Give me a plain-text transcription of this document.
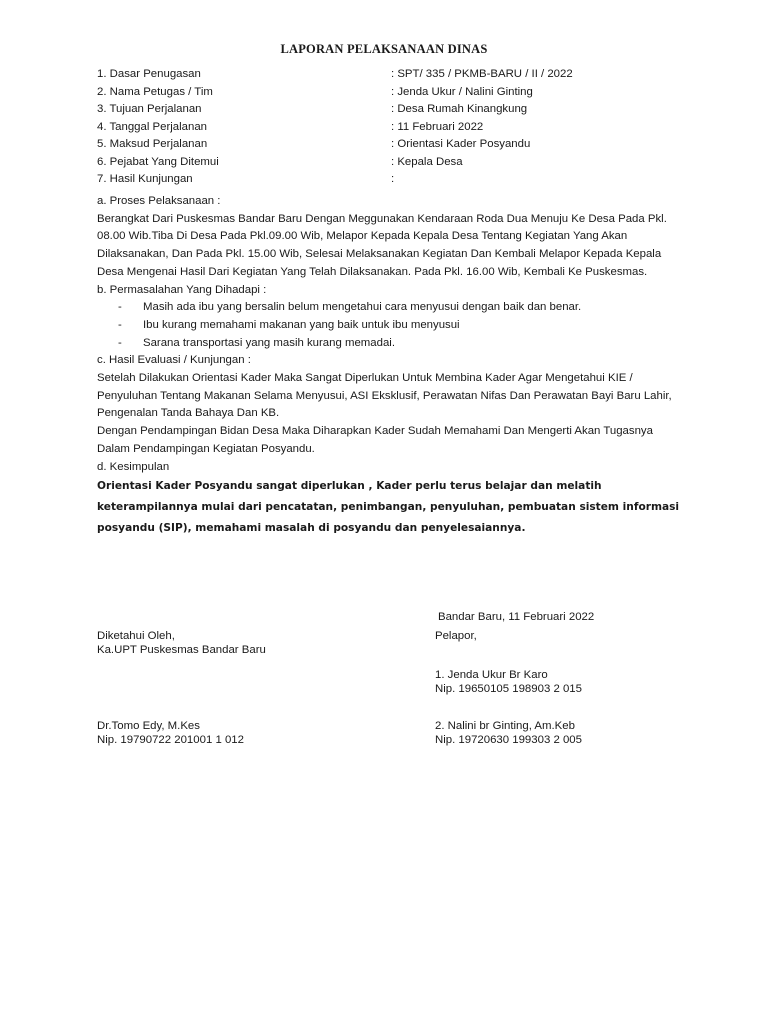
LAPORAN PELAKSANAAN DINAS
1. Dasar Penugasan	: SPT/ 335 / PKMB-BARU / II / 2022
2. Nama Petugas / Tim	: Jenda Ukur / Nalini Ginting
3. Tujuan Perjalanan	: Desa Rumah Kinangkung
4. Tanggal Perjalanan	: 11 Februari 2022
5. Maksud Perjalanan	: Orientasi Kader Posyandu
6. Pejabat Yang Ditemui	: Kepala Desa
7. Hasil Kunjungan	:

a. Proses Pelaksanaan :

Berangkat Dari Puskesmas Bandar Baru Dengan Meggunakan Kendaraan Roda Dua Menuju Ke Desa Pada Pkl. 08.00 Wib.Tiba Di Desa Pada Pkl.09.00 Wib, Melapor Kepada Kepala Desa Tentang Kegiatan Yang Akan Dilaksanakan, Dan Pada Pkl. 15.00 Wib, Selesai Melaksanakan Kegiatan Dan Kembali Melapor Kepada Kepala Desa Mengenai Hasil Dari Kegiatan Yang Telah Dilaksanakan. Pada Pkl. 16.00 Wib, Kembali Ke Puskesmas.

b. Permasalahan Yang Dihadapi :

- Masih ada ibu yang bersalin belum mengetahui cara menyusui dengan baik dan benar.
- Ibu kurang memahami makanan yang baik untuk ibu menyusui
- Sarana transportasi yang masih kurang memadai.

c. Hasil Evaluasi / Kunjungan :

Setelah Dilakukan Orientasi Kader Maka Sangat Diperlukan Untuk Membina Kader Agar Mengetahui KIE / Penyuluhan Tentang Makanan Selama Menyusui, ASI Eksklusif, Perawatan Nifas Dan Perawatan Bayi Baru Lahir, Pengenalan Tanda Bahaya Dan KB.

Dengan Pendampingan Bidan Desa Maka Diharapkan Kader Sudah Memahami Dan Mengerti Akan Tugasnya Dalam Pendampingan Kegiatan Posyandu.

d. Kesimpulan

Orientasi Kader Posyandu sangat diperlukan , Kader perlu terus belajar dan melatih keterampilannya mulai dari pencatatan, penimbangan, penyuluhan, pembuatan sistem informasi posyandu (SIP), memahami masalah di posyandu dan penyelesaiannya.

Bandar Baru, 11 Februari 2022

Diketahui Oleh,

Ka.UPT Puskesmas Bandar Baru

Pelapor,

1. Jenda Ukur Br Karo

Nip. 19650105 198903 2 015

Dr.Tomo Edy, M.Kes

Nip. 19790722 201001 1 012

2. Nalini br Ginting, Am.Keb

Nip. 19720630 199303 2 005
